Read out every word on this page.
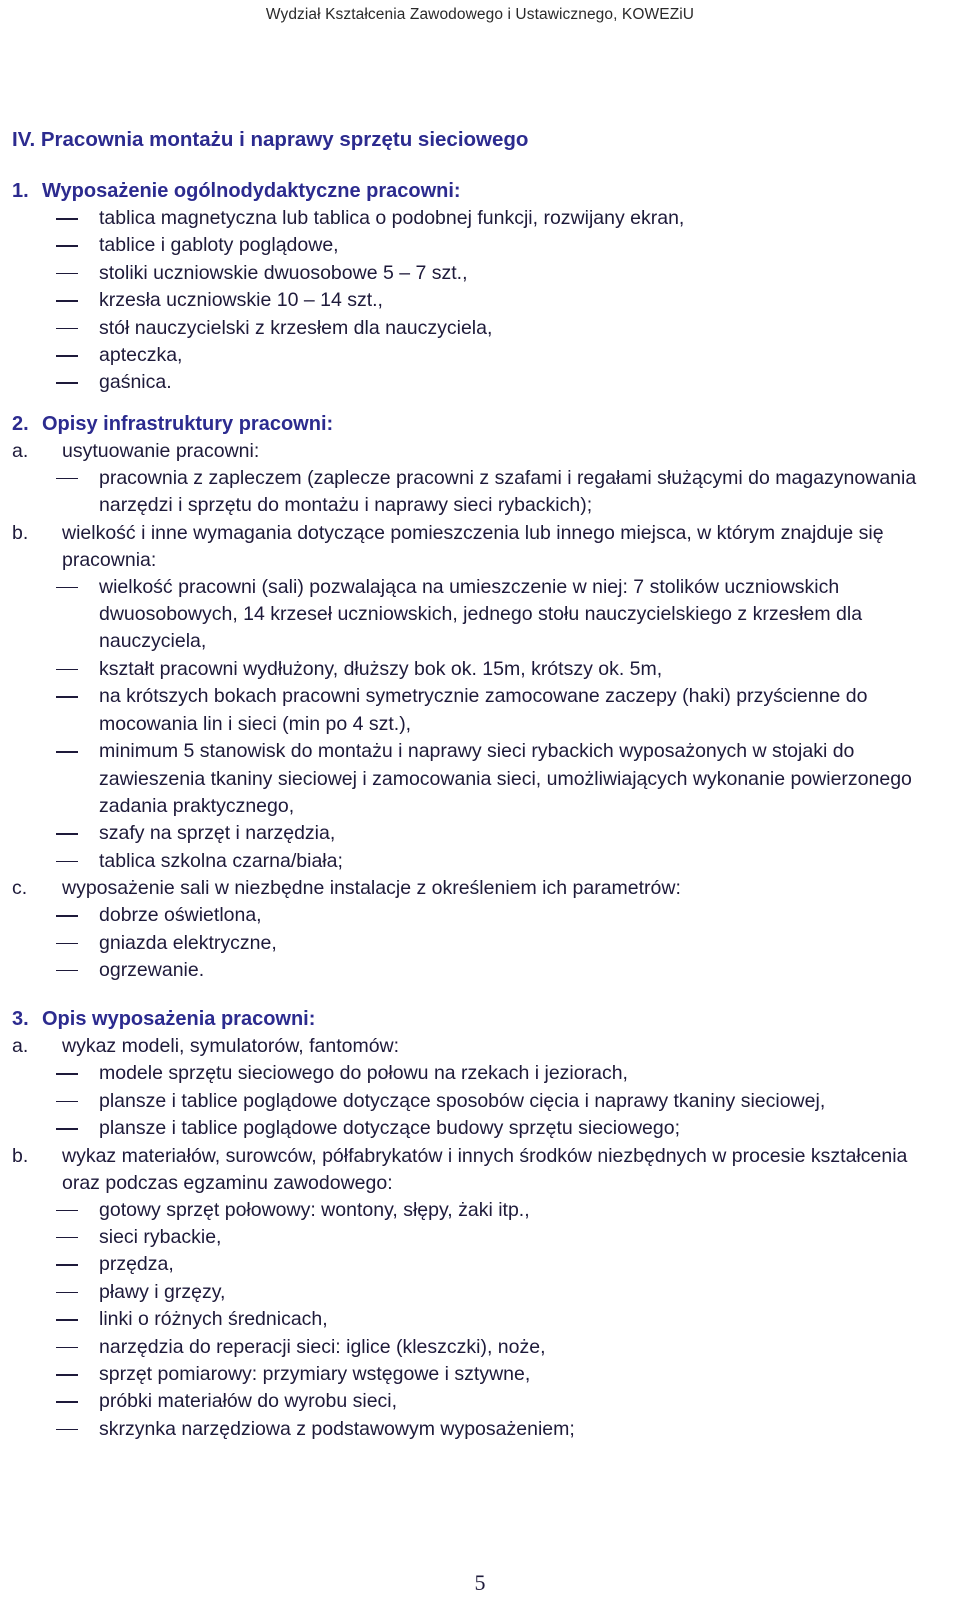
Wydział Kształcenia Zawodowego i Ustawicznego, KOWEZiU
IV. Pracownia montażu i naprawy sprzętu sieciowego
1. Wyposażenie ogólnodydaktyczne pracowni:
tablica magnetyczna lub tablica o podobnej funkcji, rozwijany ekran,
tablice i gabloty poglądowe,
stoliki uczniowskie dwuosobowe 5 – 7 szt.,
krzesła uczniowskie 10 – 14 szt.,
stół nauczycielski z krzesłem dla nauczyciela,
apteczka,
gaśnica.
2. Opisy infrastruktury pracowni:
a. usytuowanie pracowni:
pracownia z zapleczem (zaplecze pracowni z szafami i regałami służącymi do magazynowania narzędzi i sprzętu do montażu i naprawy sieci rybackich);
b. wielkość i inne wymagania dotyczące pomieszczenia lub innego miejsca, w którym znajduje się pracownia:
wielkość pracowni (sali) pozwalająca na umieszczenie w niej: 7 stolików uczniowskich dwuosobowych, 14 krzeseł uczniowskich, jednego stołu nauczycielskiego z krzesłem dla nauczyciela,
kształt pracowni wydłużony, dłuższy bok ok. 15m, krótszy ok. 5m,
na krótszych bokach pracowni symetrycznie zamocowane zaczepy (haki) przyścienne do mocowania lin i sieci (min po 4 szt.),
minimum 5 stanowisk do montażu i naprawy sieci rybackich wyposażonych w stojaki do zawieszenia tkaniny sieciowej i zamocowania sieci, umożliwiających wykonanie powierzonego zadania praktycznego,
szafy na sprzęt i narzędzia,
tablica szkolna czarna/biała;
c. wyposażenie sali w niezbędne instalacje z określeniem ich parametrów:
dobrze oświetlona,
gniazda elektryczne,
ogrzewanie.
3. Opis wyposażenia pracowni:
a. wykaz modeli, symulatorów, fantomów:
modele sprzętu sieciowego do połowu na rzekach i jeziorach,
plansze i tablice poglądowe dotyczące sposobów cięcia i naprawy tkaniny sieciowej,
plansze i tablice poglądowe dotyczące budowy sprzętu sieciowego;
b. wykaz materiałów, surowców, półfabrykatów i innych środków niezbędnych w procesie kształcenia oraz podczas egzaminu zawodowego:
gotowy sprzęt połowowy: wontony, słępy, żaki itp.,
sieci rybackie,
przędza,
pławy i grzęzy,
linki o różnych średnicach,
narzędzia do reperacji sieci: iglice (kleszczki), noże,
sprzęt pomiarowy: przymiary wstęgowe i sztywne,
próbki materiałów do wyrobu sieci,
skrzynka narzędziowa z podstawowym wyposażeniem;
5
